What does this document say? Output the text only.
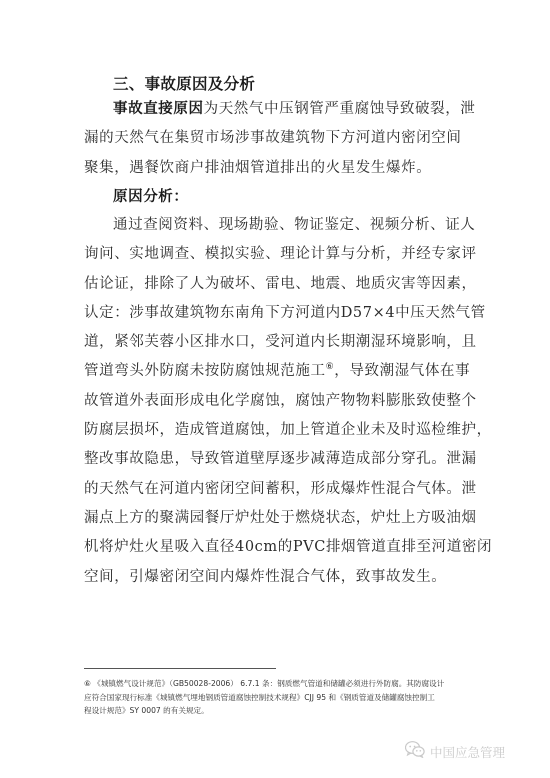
三、事故原因及分析
事故直接原因为天然气中压钢管严重腐蚀导致破裂，泄
漏的天然气在集贸市场涉事故建筑物下方河道内密闭空间
聚集，遇餐饮商户排油烟管道排出的火星发生爆炸。
原因分析：
通过查阅资料、现场勘验、物证鉴定、视频分析、证人
询问、实地调查、模拟实验、理论计算与分析，并经专家评
估论证，排除了人为破坏、雷电、地震、地质灾害等因素，
认定：涉事故建筑物东南角下方河道内D57×4中压天然气管
道，紧邻芙蓉小区排水口，受河道内长期潮湿环境影响，且
管道弯头外防腐未按防腐蚀规范施工⑥，导致潮湿气体在事
故管道外表面形成电化学腐蚀，腐蚀产物物料膨胀致使整个
防腐层损坏，造成管道腐蚀，加上管道企业未及时巡检维护，
整改事故隐患，导致管道壁厚逐步减薄造成部分穿孔。泄漏
的天然气在河道内密闭空间蓄积，形成爆炸性混合气体。泄
漏点上方的聚满园餐厅炉灶处于燃烧状态，炉灶上方吸油烟
机将炉灶火星吸入直径40cm的PVC排烟管道直排至河道密闭
空间，引爆密闭空间内爆炸性混合气体，致事故发生。
⑥ 《城镇燃气设计规范》（GB50028-2006） 6.7.1 条：钢质燃气管道和储罐必须进行外防腐。其防腐设计
应符合国家现行标准《城镇燃气埋地钢质管道腐蚀控制技术规程》CJJ 95 和《钢质管道及储罐腐蚀控制工
程设计规范》SY 0007 的有关规定。
中国应急管理
